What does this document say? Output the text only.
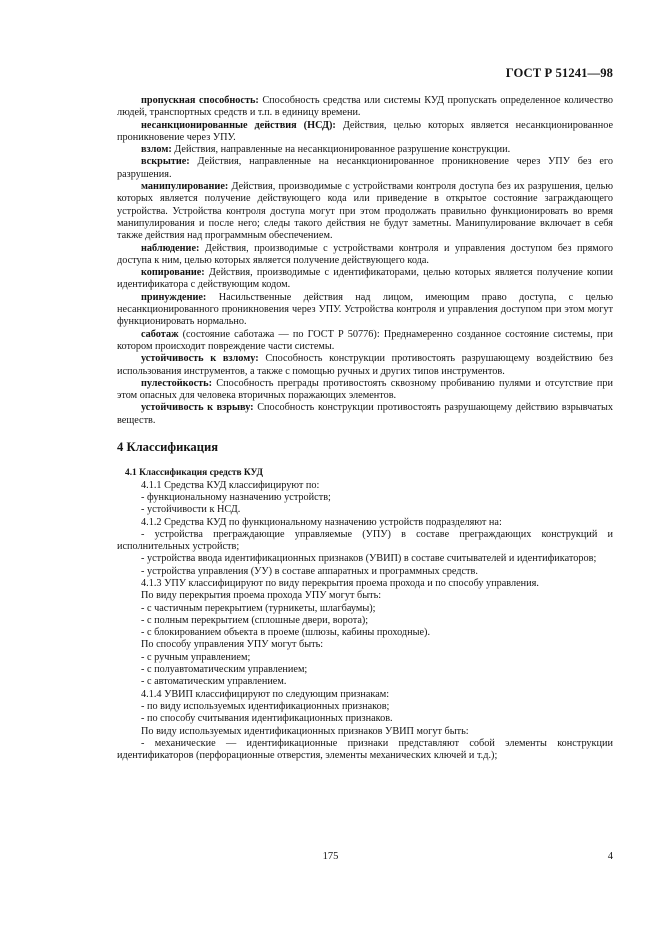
ГОСТ Р 51241—98

пропускная способность: Способность средства или системы КУД пропускать определенное количество людей, транспортных средств и т.п. в единицу времени.

несанкционированные действия (НСД): Действия, целью которых является несанкционированное проникновение через УПУ.

взлом: Действия, направленные на несанкционированное разрушение конструкции.

вскрытие: Действия, направленные на несанкционированное проникновение через УПУ без его разрушения.

манипулирование: Действия, производимые с устройствами контроля доступа без их разрушения, целью которых является получение действующего кода или приведение в открытое состояние заграждающего устройства. Устройства контроля доступа могут при этом продолжать правильно функционировать во время манипулирования и после него; следы такого действия не будут заметны. Манипулирование включает в себя также действия над программным обеспечением.

наблюдение: Действия, производимые с устройствами контроля и управления доступом без прямого доступа к ним, целью которых является получение действующего кода.

копирование: Действия, производимые с идентификаторами, целью которых является получение копии идентификатора с действующим кодом.

принуждение: Насильственные действия над лицом, имеющим право доступа, с целью несанкционированного проникновения через УПУ. Устройства контроля и управления доступом при этом могут функционировать нормально.

саботаж (состояние саботажа — по ГОСТ Р 50776): Преднамеренно созданное состояние системы, при котором происходит повреждение части системы.

устойчивость к взлому: Способность конструкции противостоять разрушающему воздействию без использования инструментов, а также с помощью ручных и других типов инструментов.

пулестойкость: Способность преграды противостоять сквозному пробиванию пулями и отсутствие при этом опасных для человека вторичных поражающих элементов.

устойчивость к взрыву: Способность конструкции противостоять разрушающему действию взрывчатых веществ.

4 Классификация

4.1 Классификация средств КУД

4.1.1 Средства КУД классифицируют по:

- функциональному назначению устройств;

- устойчивости к НСД.

4.1.2 Средства КУД по функциональному назначению устройств подразделяют на:

- устройства преграждающие управляемые (УПУ) в составе преграждающих конструкций и исполнительных устройств;

- устройства ввода идентификационных признаков (УВИП) в составе считывателей и идентификаторов;

- устройства управления (УУ) в составе аппаратных и программных средств.

4.1.3 УПУ классифицируют по виду перекрытия проема прохода и по способу управления.

По виду перекрытия проема прохода УПУ могут быть:

- с частичным перекрытием (турникеты, шлагбаумы);

- с полным перекрытием (сплошные двери, ворота);

- с блокированием объекта в проеме (шлюзы, кабины проходные).

По способу управления УПУ могут быть:

- с ручным управлением;

- с полуавтоматическим управлением;

- с автоматическим управлением.

4.1.4 УВИП классифицируют по следующим признакам:

- по виду используемых идентификационных признаков;

- по способу считывания идентификационных признаков.

По виду используемых идентификационных признаков УВИП могут быть:

- механические — идентификационные признаки представляют собой элементы конструкции идентификаторов (перфорационные отверстия, элементы механических ключей и т.д.);

175	4
